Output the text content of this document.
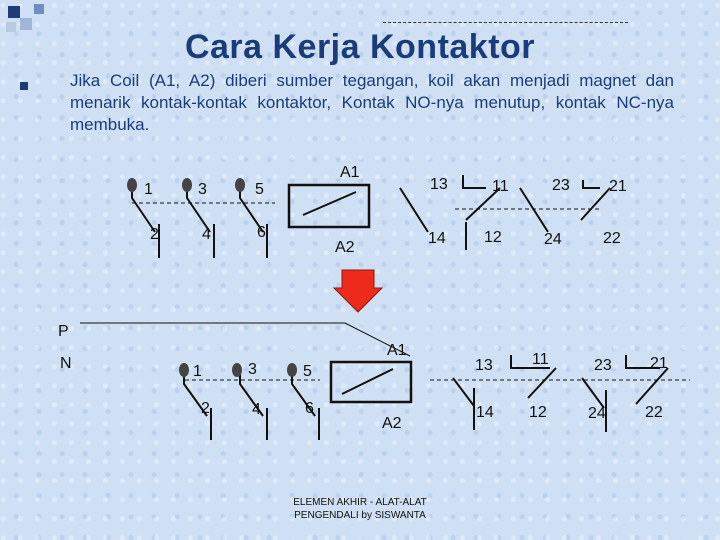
Cara Kerja Kontaktor
Jika Coil (A1, A2) diberi sumber tegangan, koil akan menjadi magnet dan menarik kontak-kontak kontaktor, Kontak NO-nya menutup, kontak NC-nya membuka.
1	3	5
2	4	6
A1
A2
13	11	23 21
14 12	24	22
P
N	1	3	5
2	4	6
A1
A2
13 11	23 21
14 12	24 22
ELEMEN AKHIR - ALAT-ALAT
PENGENDALI by SISWANTA
